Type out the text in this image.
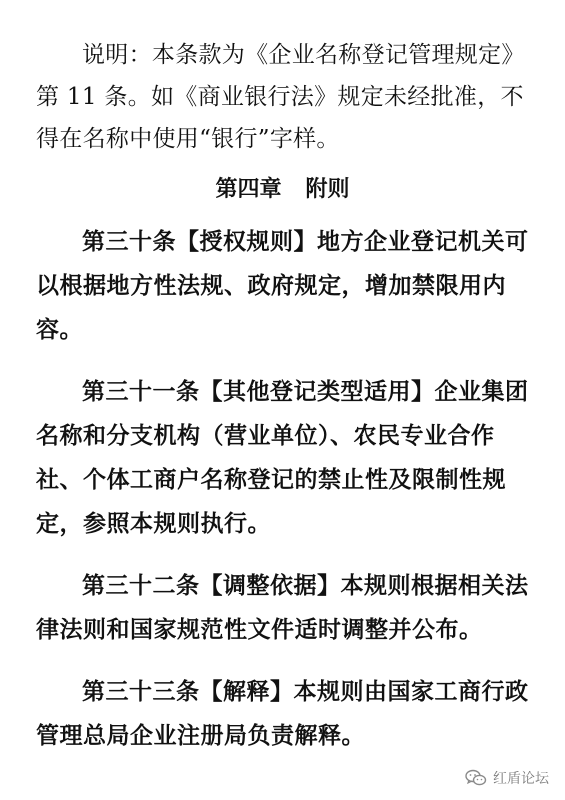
说明：本条款为《企业名称登记管理规定》第 11 条。如《商业银行法》规定未经批准，不得在名称中使用“银行”字样。

第四章 附则

第三十条【授权规则】地方企业登记机关可以根据地方性法规、政府规定，增加禁限用内容。

第三十一条【其他登记类型适用】企业集团名称和分支机构（营业单位）、农民专业合作社、个体工商户名称登记的禁止性及限制性规定，参照本规则执行。

第三十二条【调整依据】本规则根据相关法律法则和国家规范性文件适时调整并公布。

第三十三条【解释】本规则由国家工商行政管理总局企业注册局负责解释。

红盾论坛
